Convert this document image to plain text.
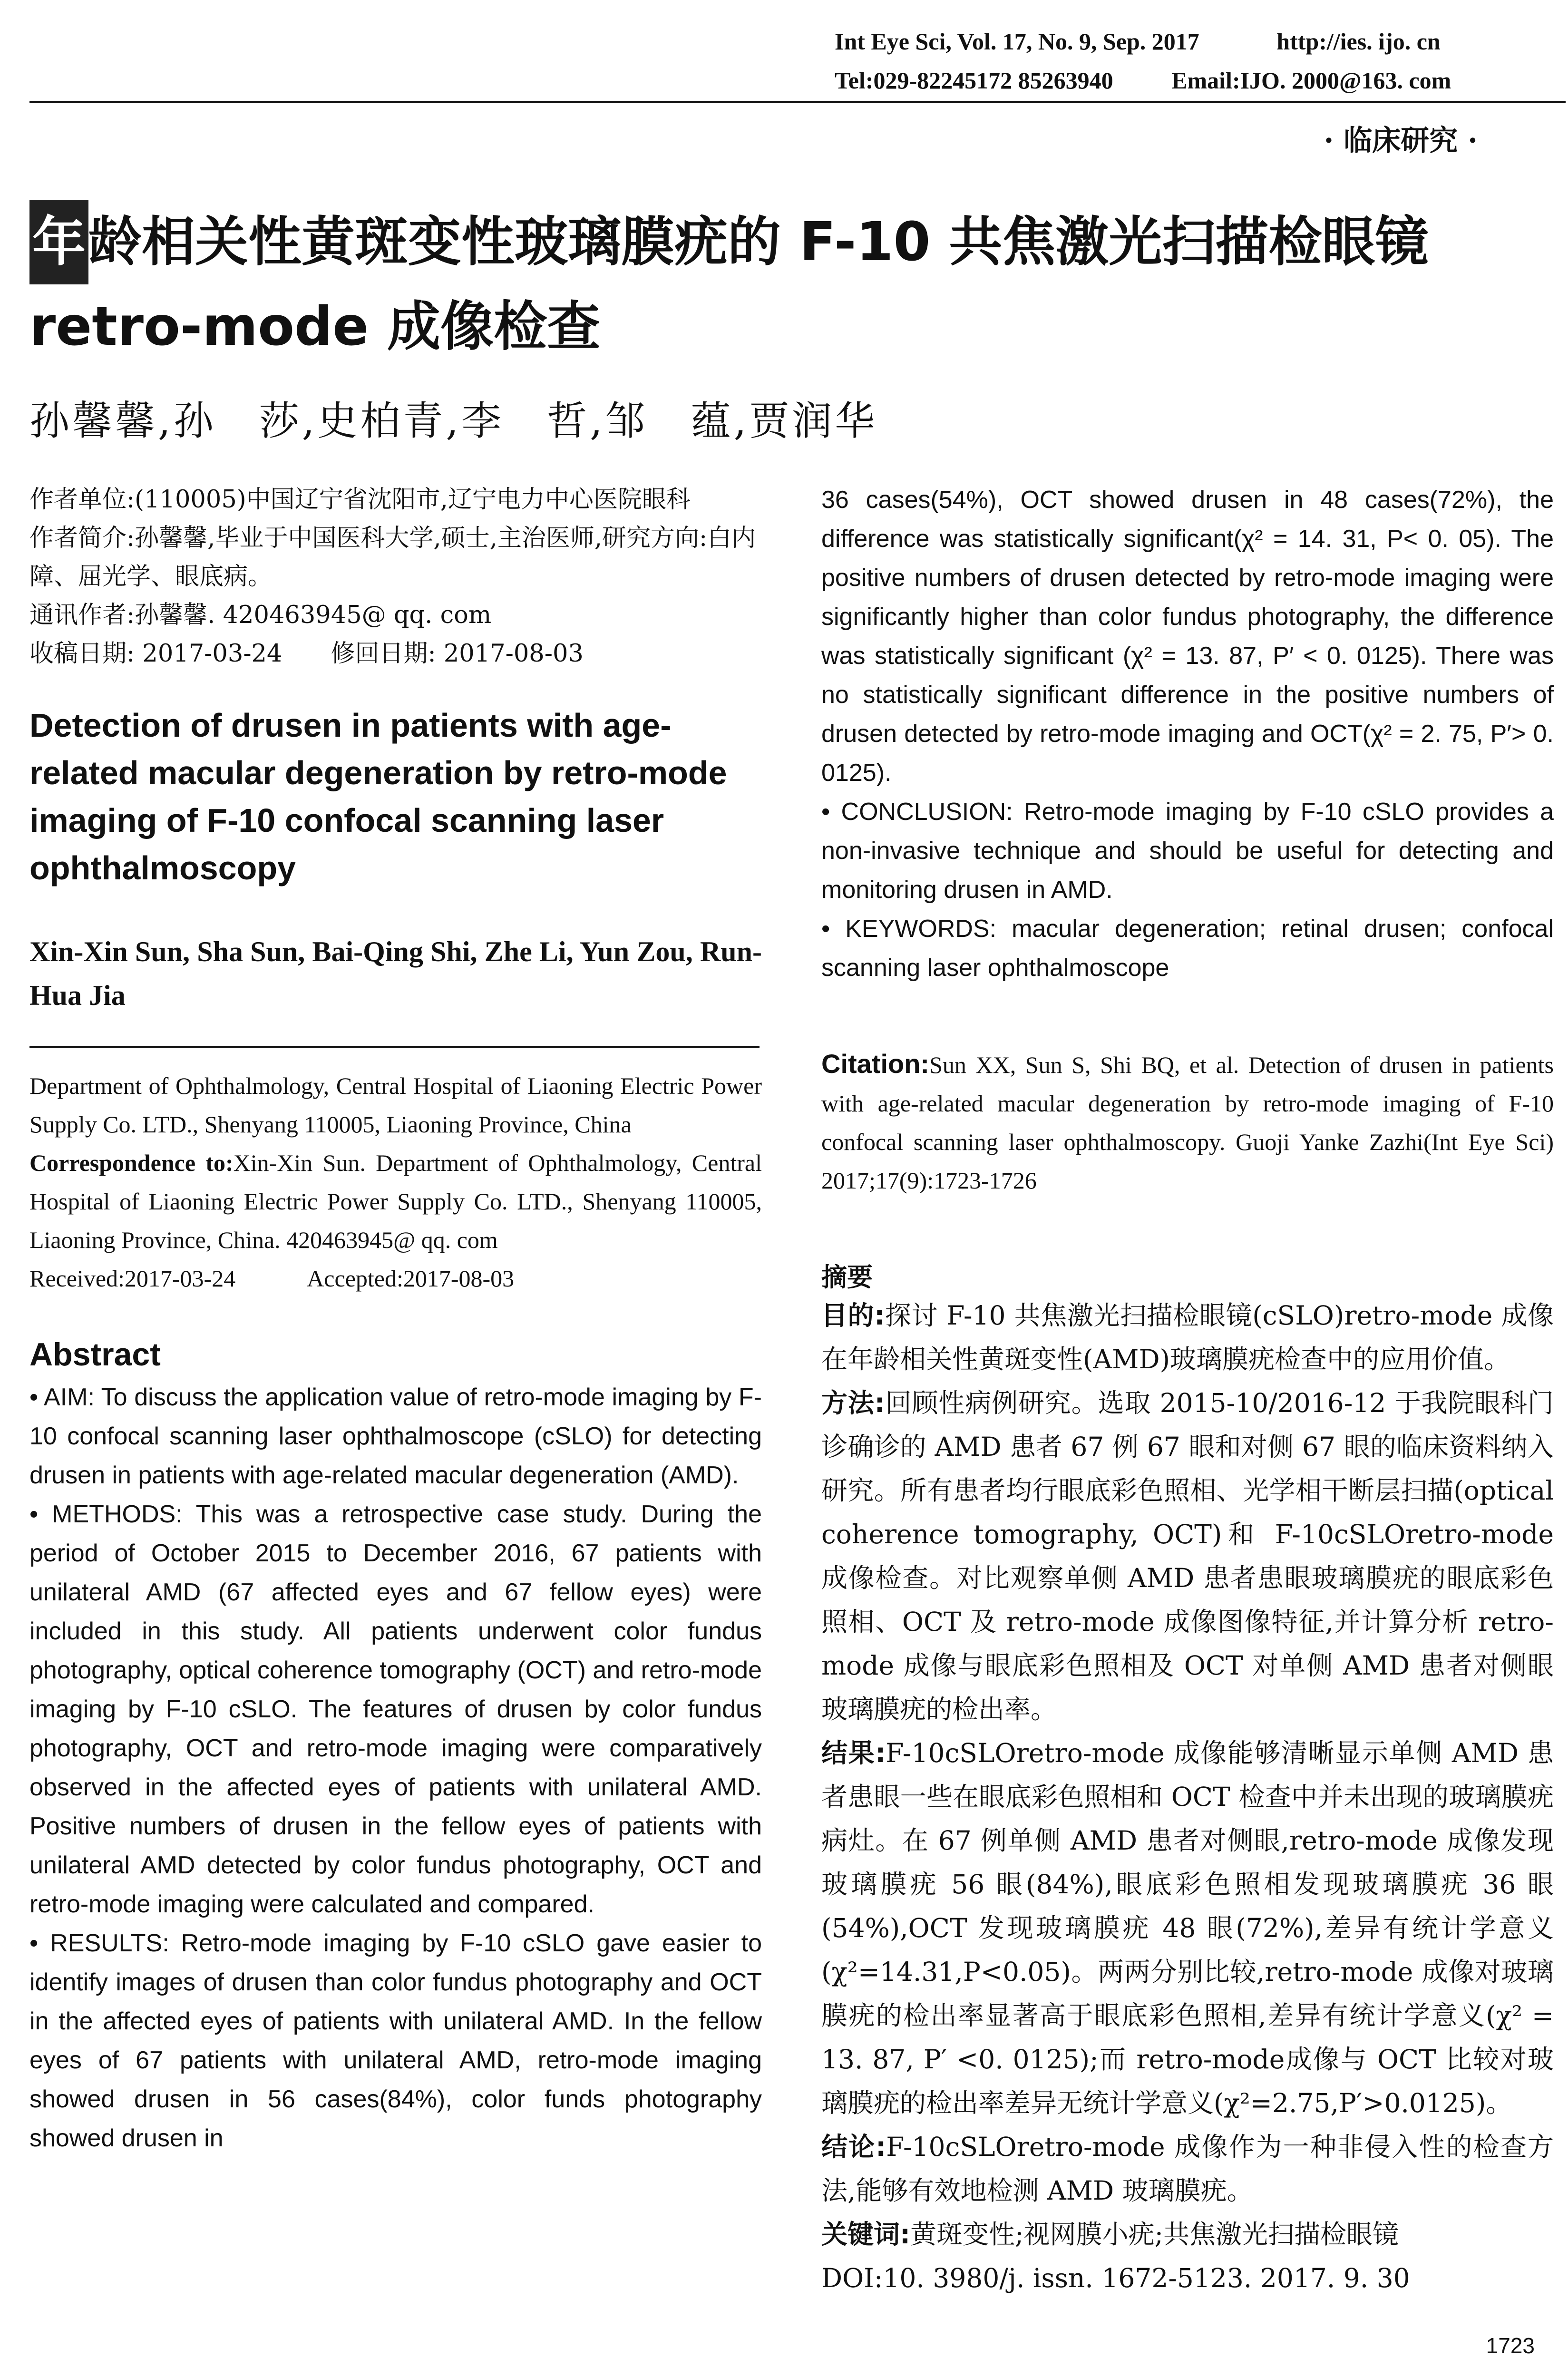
Int Eye Sci, Vol. 17, No. 9, Sep. 2017	http://ies. ijo. cn
Tel:029-82245172 85263940 Email:IJO. 2000@163. com
· 临床研究 ·
年龄相关性黄斑变性玻璃膜疣的 F-10 共焦激光扫描检眼镜 retro-mode 成像检查
孙馨馨,孙　莎,史柏青,李　哲,邹　蕴,贾润华
作者单位:(110005)中国辽宁省沈阳市,辽宁电力中心医院眼科
作者简介:孙馨馨,毕业于中国医科大学,硕士,主治医师,研究方向:白内障、屈光学、眼底病。
通讯作者:孙馨馨. 420463945@ qq. com
收稿日期: 2017-03-24　　修回日期: 2017-08-03
Detection of drusen in patients with age-related macular degeneration by retro-mode imaging of F-10 confocal scanning laser ophthalmoscopy
Xin-Xin Sun, Sha Sun, Bai-Qing Shi, Zhe Li, Yun Zou, Run-Hua Jia
Department of Ophthalmology, Central Hospital of Liaoning Electric Power Supply Co. LTD., Shenyang 110005, Liaoning Province, China
Correspondence to:Xin-Xin Sun. Department of Ophthalmology, Central Hospital of Liaoning Electric Power Supply Co. LTD., Shenyang 110005, Liaoning Province, China. 420463945@ qq. com
Received:2017-03-24　　　Accepted:2017-08-03
Abstract

• AIM: To discuss the application value of retro-mode imaging by F-10 confocal scanning laser ophthalmoscope (cSLO) for detecting drusen in patients with age-related macular degeneration (AMD).

• METHODS: This was a retrospective case study. During the period of October 2015 to December 2016, 67 patients with unilateral AMD (67 affected eyes and 67 fellow eyes) were included in this study. All patients underwent color fundus photography, optical coherence tomography (OCT) and retro-mode imaging by F-10 cSLO. The features of drusen by color fundus photography, OCT and retro-mode imaging were comparatively observed in the affected eyes of patients with unilateral AMD. Positive numbers of drusen in the fellow eyes of patients with unilateral AMD detected by color fundus photography, OCT and retro-mode imaging were calculated and compared.

• RESULTS: Retro-mode imaging by F-10 cSLO gave easier to identify images of drusen than color fundus photography and OCT in the affected eyes of patients with unilateral AMD. In the fellow eyes of 67 patients with unilateral AMD, retro-mode imaging showed drusen in 56 cases(84%), color funds photography showed drusen in

36 cases(54%), OCT showed drusen in 48 cases(72%), the difference was statistically significant(χ² = 14. 31, P< 0. 05). The positive numbers of drusen detected by retro-mode imaging were significantly higher than color fundus photography, the difference was statistically significant (χ² = 13. 87, P′ < 0. 0125). There was no statistically significant difference in the positive numbers of drusen detected by retro-mode imaging and OCT(χ² = 2. 75, P′> 0. 0125).

• CONCLUSION: Retro-mode imaging by F-10 cSLO provides a non-invasive technique and should be useful for detecting and monitoring drusen in AMD.

• KEYWORDS: macular degeneration; retinal drusen; confocal scanning laser ophthalmoscope

Citation:Sun XX, Sun S, Shi BQ, et al. Detection of drusen in patients with age-related macular degeneration by retro-mode imaging of F-10 confocal scanning laser ophthalmoscopy. Guoji Yanke Zazhi(Int Eye Sci) 2017;17(9):1723-1726
摘要

目的:探讨 F-10 共焦激光扫描检眼镜(cSLO)retro-mode 成像在年龄相关性黄斑变性(AMD)玻璃膜疣检查中的应用价值。

方法:回顾性病例研究。选取 2015-10/2016-12 于我院眼科门诊确诊的 AMD 患者 67 例 67 眼和对侧 67 眼的临床资料纳入研究。所有患者均行眼底彩色照相、光学相干断层扫描(optical coherence tomography, OCT)和 F-10cSLOretro-mode 成像检查。对比观察单侧 AMD 患者患眼玻璃膜疣的眼底彩色照相、OCT 及 retro-mode 成像图像特征,并计算分析 retro-mode 成像与眼底彩色照相及 OCT 对单侧 AMD 患者对侧眼玻璃膜疣的检出率。

结果:F-10cSLOretro-mode 成像能够清晰显示单侧 AMD 患者患眼一些在眼底彩色照相和 OCT 检查中并未出现的玻璃膜疣病灶。在 67 例单侧 AMD 患者对侧眼,retro-mode 成像发现玻璃膜疣 56 眼(84%),眼底彩色照相发现玻璃膜疣 36 眼(54%),OCT 发现玻璃膜疣 48 眼(72%),差异有统计学意义(χ²=14.31,P<0.05)。两两分别比较,retro-mode 成像对玻璃膜疣的检出率显著高于眼底彩色照相,差异有统计学意义(χ² = 13. 87, P′ <0. 0125);而 retro-mode成像与 OCT 比较对玻璃膜疣的检出率差异无统计学意义(χ²=2.75,P′>0.0125)。

结论:F-10cSLOretro-mode 成像作为一种非侵入性的检查方法,能够有效地检测 AMD 玻璃膜疣。

关键词:黄斑变性;视网膜小疣;共焦激光扫描检眼镜

DOI:10. 3980/j. issn. 1672-5123. 2017. 9. 30

1723
